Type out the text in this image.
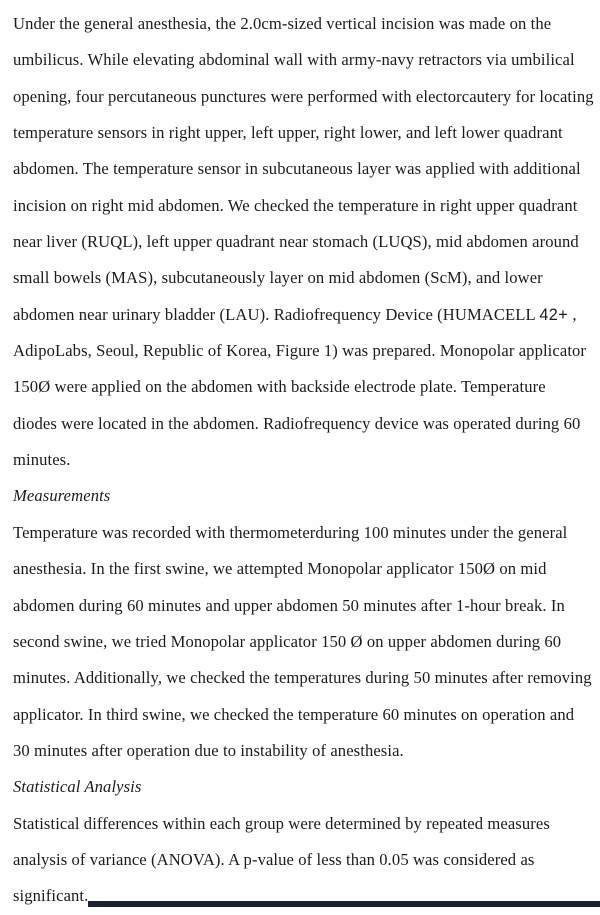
Under the general anesthesia, the 2.0cm-sized vertical incision was made on the
umbilicus. While elevating abdominal wall with army-navy retractors via umbilical
opening, four percutaneous punctures were performed with electorcautery for locating
temperature sensors in right upper, left upper, right lower, and left lower quadrant
abdomen. The temperature sensor in subcutaneous layer was applied with additional
incision on right mid abdomen. We checked the temperature in right upper quadrant
near liver (RUQL), left upper quadrant near stomach (LUQS), mid abdomen around
small bowels (MAS), subcutaneously layer on mid abdomen (ScM), and lower
abdomen near urinary bladder (LAU). Radiofrequency Device (HUMACELL 42+ ,
AdipoLabs, Seoul, Republic of Korea, Figure 1) was prepared. Monopolar applicator
150Ø were applied on the abdomen with backside electrode plate. Temperature
diodes were located in the abdomen. Radiofrequency device was operated during 60
minutes.
Measurements
Temperature was recorded with thermometerduring 100 minutes under the general
anesthesia. In the first swine, we attempted Monopolar applicator 150Ø on mid
abdomen during 60 minutes and upper abdomen 50 minutes after 1-hour break. In
second swine, we tried Monopolar applicator 150 Ø on upper abdomen during 60
minutes. Additionally, we checked the temperatures during 50 minutes after removing
applicator. In third swine, we checked the temperature 60 minutes on operation and
30 minutes after operation due to instability of anesthesia.
Statistical Analysis
Statistical differences within each group were determined by repeated measures
analysis of variance (ANOVA). A p-value of less than 0.05 was considered as
significant.
